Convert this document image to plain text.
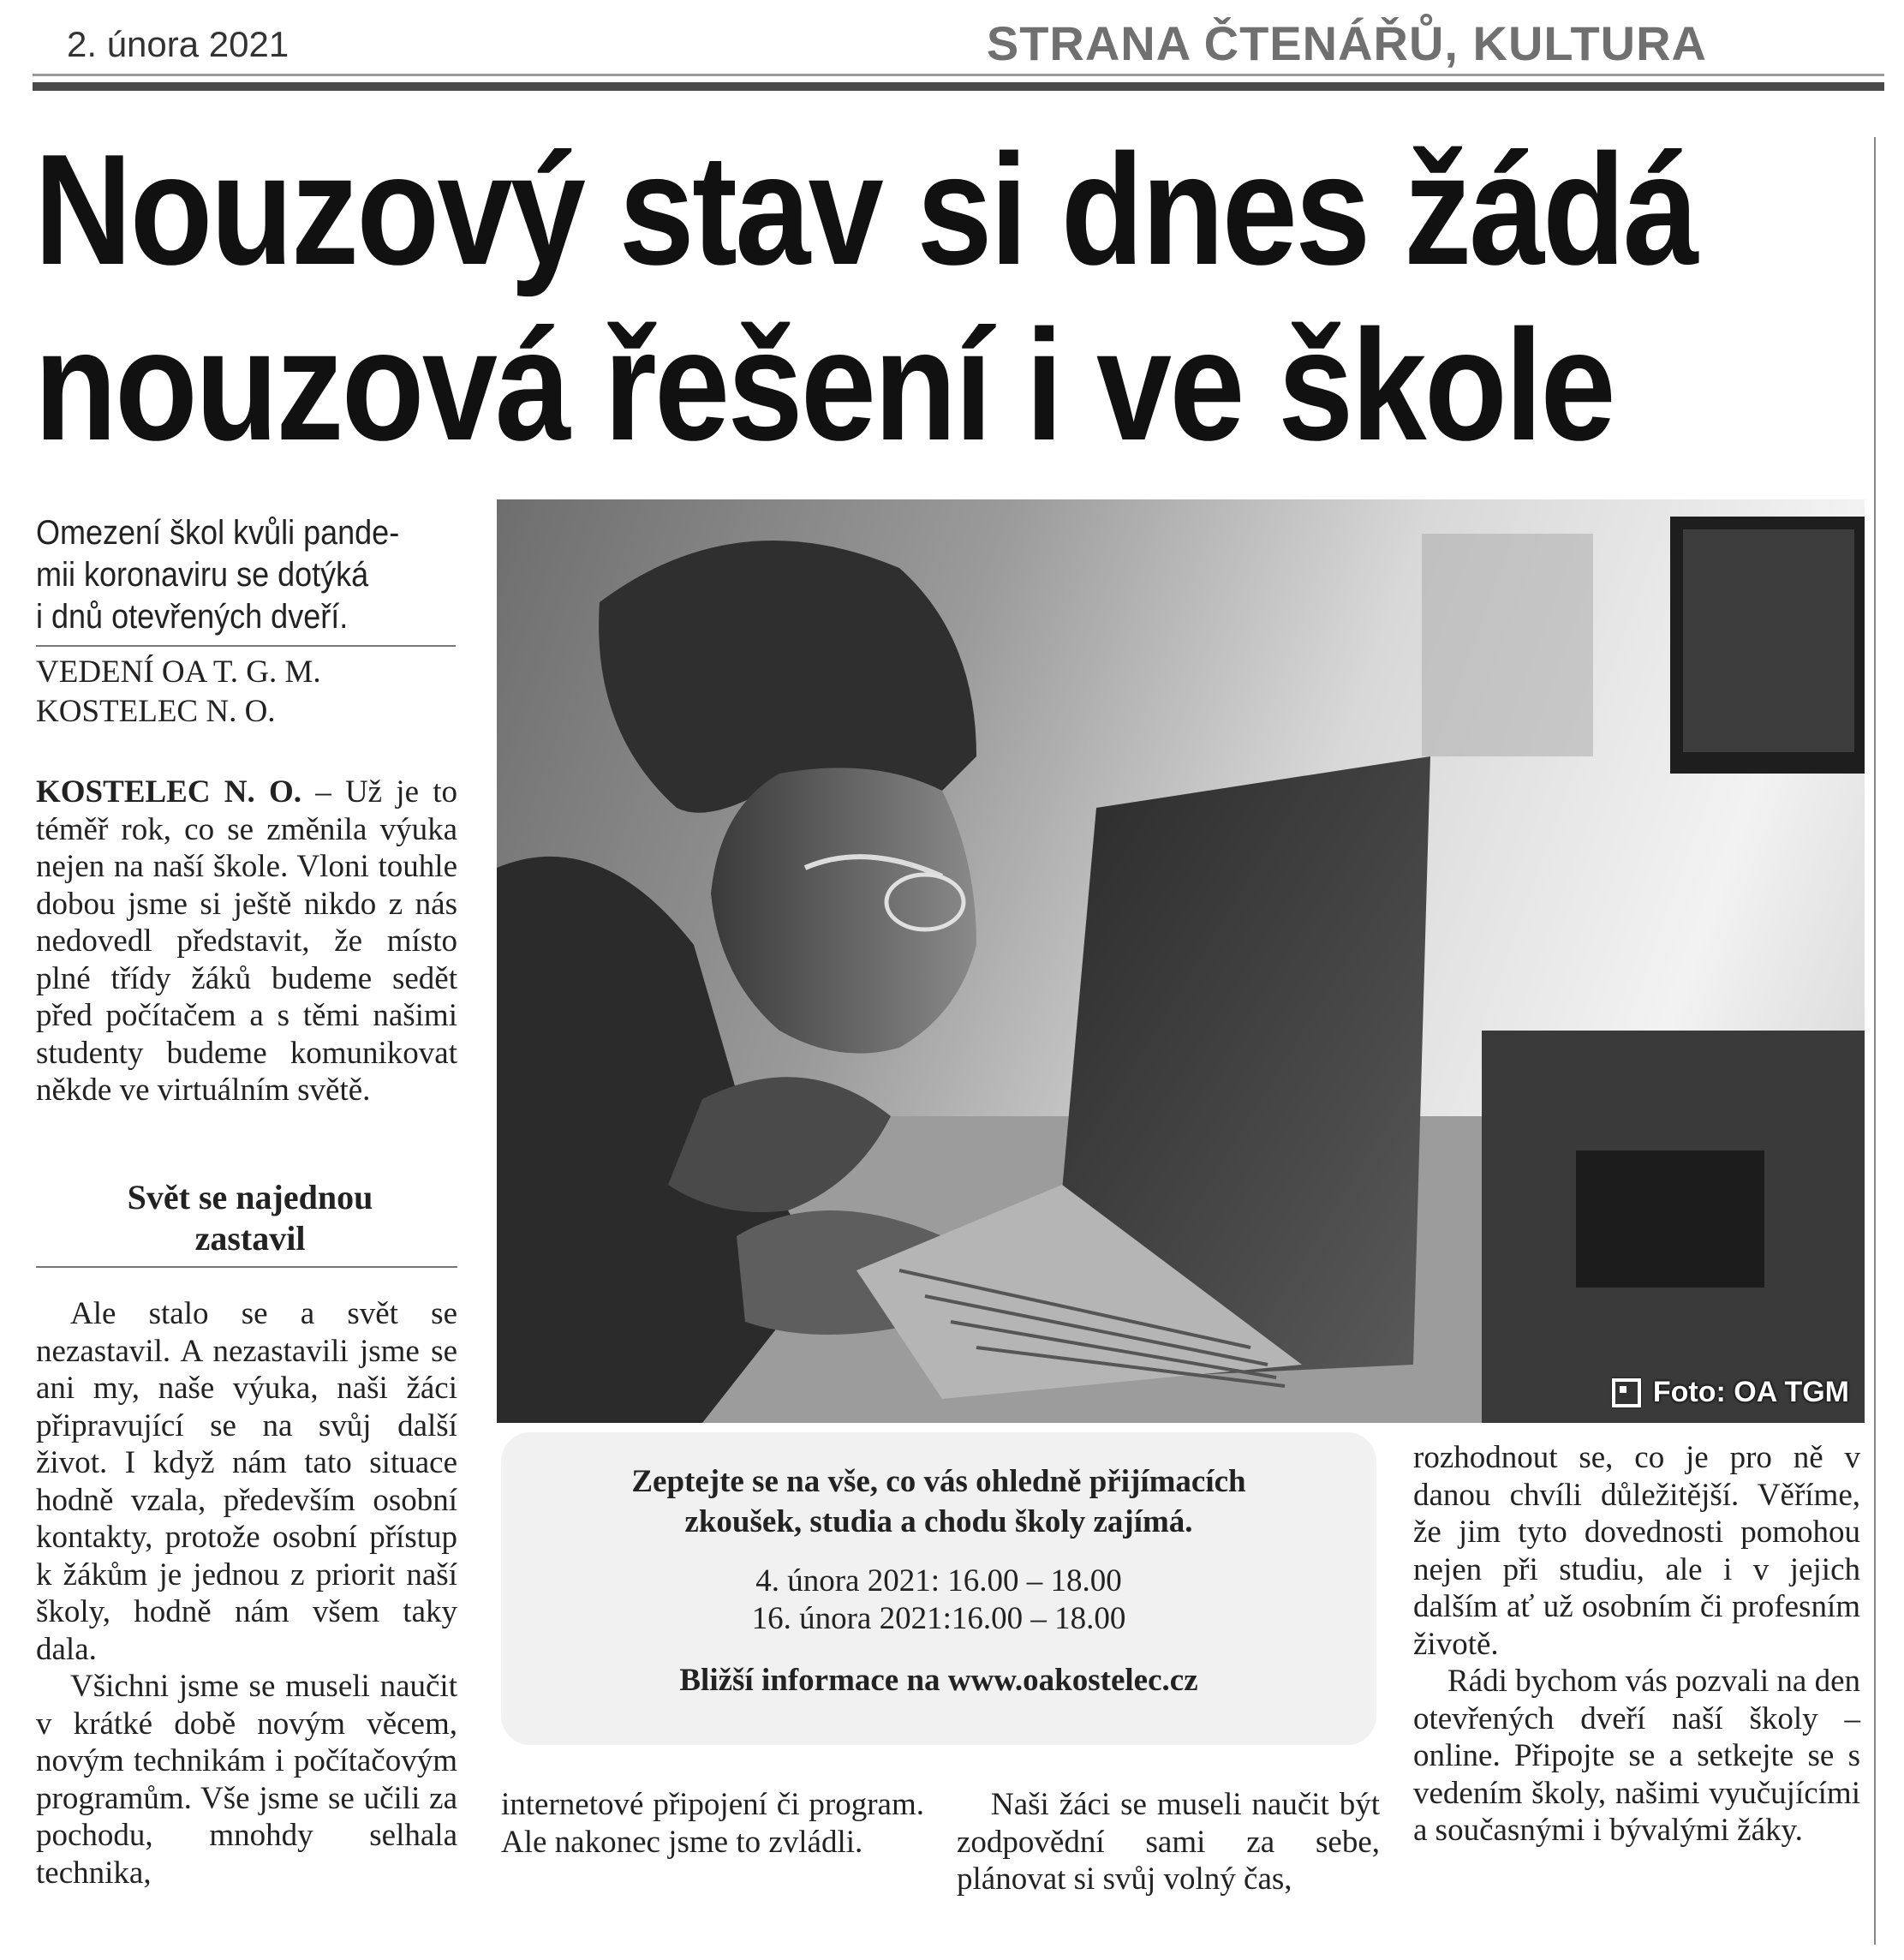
2. února 2021	STRANA ČTENÁŘŮ, KULTURA
Nouzový stav si dnes žádá
nouzová řešení i ve škole
Omezení škol kvůli pande-
mii koronaviru se dotýká
i dnů otevřených dveří.
VEDENÍ OA T. G. M.
KOSTELEC N. O.

KOSTELEC N. O. – Už je to téměř rok, co se změnila výuka nejen na naší škole. Vloni touhle dobou jsme si ještě nikdo z nás nedovedl představit, že místo plné třídy žáků budeme sedět před počítačem a s těmi našimi studenty budeme komunikovat někde ve virtuálním světě.

Svět se najednou
zastavil

Ale stalo se a svět se nezastavil. A nezastavili jsme se ani my, naše výuka, naši žáci připravující se na svůj další život. I když nám tato situace hodně vzala, především osobní kontakty, protože osobní přístup k žákům je jednou z priorit naší školy, hodně nám všem taky dala.

Všichni jsme se museli naučit v krátké době novým věcem, novým technikám i počítačovým programům. Vše jsme se učili za pochodu, mnohdy selhala technika,

Foto: OA TGM
Zeptejte se na vše, co vás ohledně přijímacích
zkoušek, studia a chodu školy zajímá.
4. února 2021: 16.00 – 18.00
16. února 2021:16.00 – 18.00
Bližší informace na www.oakostelec.cz

internetové připojení či program. Ale nakonec jsme to zvládli.

Naši žáci se museli naučit být zodpovědní sami za sebe, plánovat si svůj volný čas,

rozhodnout se, co je pro ně v danou chvíli důležitější. Věříme, že jim tyto dovednosti pomohou nejen při studiu, ale i v jejich dalším ať už osobním či profesním životě.

Rádi bychom vás pozvali na den otevřených dveří naší školy – online. Připojte se a setkejte se s vedením školy, našimi vyučujícími a současnými i bývalými žáky.
